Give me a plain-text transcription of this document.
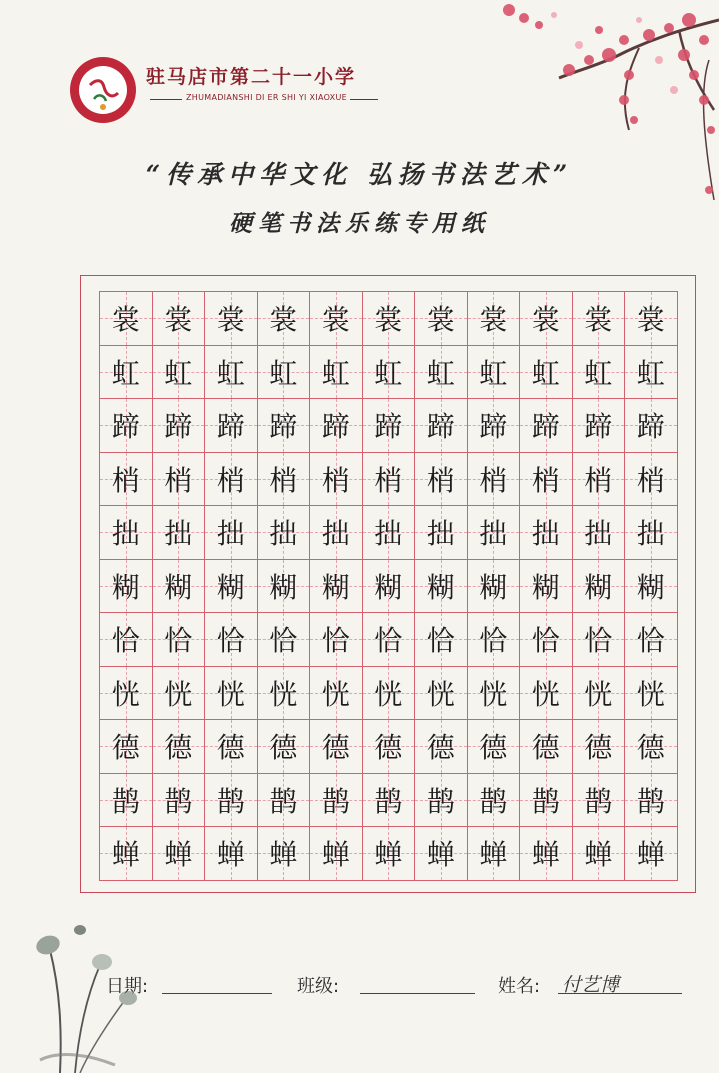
驻马店市第二十一小学
ZHUMADIANSHI DI ER SHI YI XIAOXUE
“传承中华文化 弘扬书法艺术”
硬笔书法乐练专用纸
裳 裳 裳 裳 裳 裳 裳 裳 裳 裳 裳
虹 虹 虹 虹 虹 虹 虹 虹 虹 虹 虹
蹄 蹄 蹄 蹄 蹄 蹄 蹄 蹄 蹄 蹄 蹄
梢 梢 梢 梢 梢 梢 梢 梢 梢 梢 梢
拙 拙 拙 拙 拙 拙 拙 拙 拙 拙 拙
糊 糊 糊 糊 糊 糊 糊 糊 糊 糊 糊
恰 恰 恰 恰 恰 恰 恰 恰 恰 恰 恰
恍 恍 恍 恍 恍 恍 恍 恍 恍 恍 恍
德 德 德 德 德 德 德 德 德 德 德
鹊 鹊 鹊 鹊 鹊 鹊 鹊 鹊 鹊 鹊 鹊
蝉 蝉 蝉 蝉 蝉 蝉 蝉 蝉 蝉 蝉 蝉
日期:	班级:	姓名: 付艺博
